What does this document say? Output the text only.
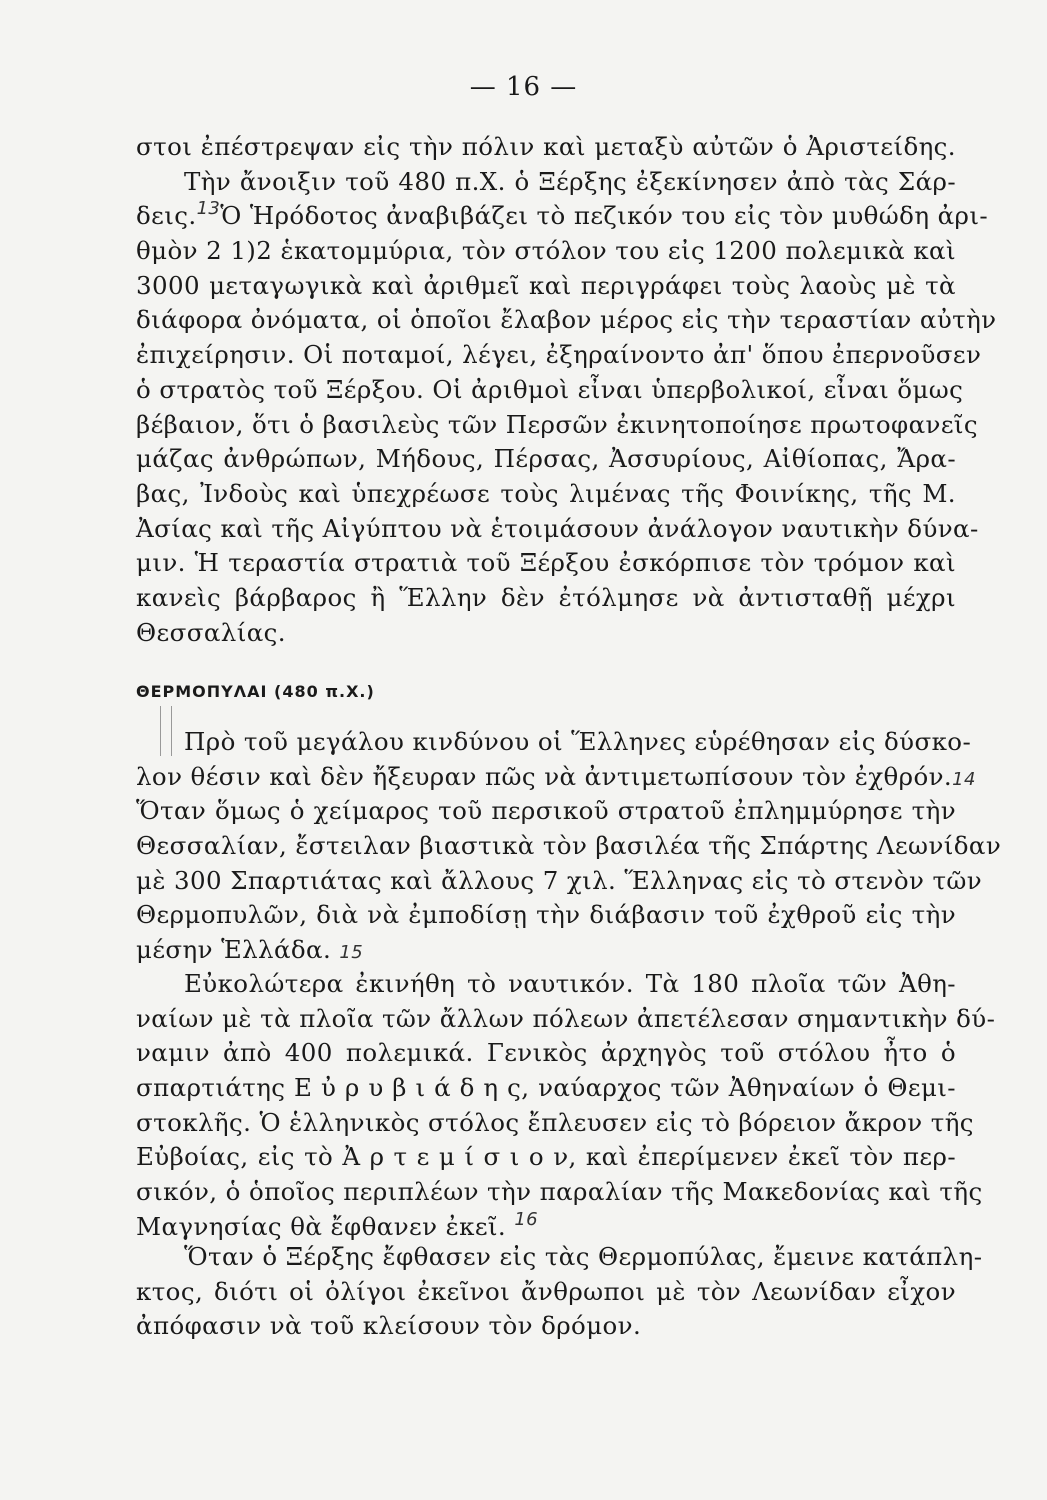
— 16 —
στοι ἐπέστρεψαν εἰς τὴν πόλιν καὶ μεταξὺ αὐτῶν ὁ Ἀριστείδης.
Τὴν ἄνοιξιν τοῦ 480 π.Χ. ὁ Ξέρξης ἐξεκίνησεν ἀπὸ τὰς Σάρ-
δεις.$^{13}$Ὁ Ἡρόδοτος ἀναβιβάζει τὸ πεζικόν του εἰς τὸν μυθώδη ἀρι-
θμὸν 2 1)2 ἑκατομμύρια, τὸν στόλον του εἰς 1200 πολεμικὰ καὶ
3000 μεταγωγικὰ καὶ ἀριθμεῖ καὶ περιγράφει τοὺς λαοὺς μὲ τὰ
διάφορα ὀνόματα, οἱ ὁποῖοι ἔλαβον μέρος εἰς τὴν τεραστίαν αὐτὴν
ἐπιχείρησιν. Οἱ ποταμοί, λέγει, ἐξηραίνοντο ἀπ' ὅπου ἐπερνοῦσεν
ὁ στρατὸς τοῦ Ξέρξου. Οἱ ἀριθμοὶ εἶναι ὑπερβολικοί, εἶναι ὅμως
βέβαιον, ὅτι ὁ βασιλεὺς τῶν Περσῶν ἐκινητοποίησε πρωτοφανεῖς
μάζας ἀνθρώπων, Μήδους, Πέρσας, Ἀσσυρίους, Αἰθίοπας, Ἄρα-
βας, Ἰνδοὺς καὶ ὑπεχρέωσε τοὺς λιμένας τῆς Φοινίκης, τῆς Μ.
Ἀσίας καὶ τῆς Αἰγύπτου νὰ ἑτοιμάσουν ἀνάλογον ναυτικὴν δύνα-
μιν. Ἡ τεραστία στρατιὰ τοῦ Ξέρξου ἐσκόρπισε τὸν τρόμον καὶ
κανεὶς βάρβαρος ἢ Ἕλλην δὲν ἐτόλμησε νὰ ἀντισταθῇ μέχρι
Θεσσαλίας.
ΘΕΡΜΟΠΥΛΑΙ (480 π.Χ.)
Πρὸ τοῦ μεγάλου κινδύνου οἱ Ἕλληνες εὑρέθησαν εἰς δύσκο-
λον θέσιν καὶ δὲν ἤξευραν πῶς νὰ ἀντιμετωπίσουν τὸν ἐχθρόν.14
Ὅταν ὅμως ὁ χείμαρος τοῦ περσικοῦ στρατοῦ ἐπλημμύρησε τὴν
Θεσσαλίαν, ἔστειλαν βιαστικὰ τὸν βασιλέα τῆς Σπάρτης Λεωνίδαν
μὲ 300 Σπαρτιάτας καὶ ἄλλους 7 χιλ. Ἕλληνας εἰς τὸ στενὸν τῶν
Θερμοπυλῶν, διὰ νὰ ἐμποδίσῃ τὴν διάβασιν τοῦ ἐχθροῦ εἰς τὴν
μέσην Ἑλλάδα. 15
Εὐκολώτερα ἐκινήθη τὸ ναυτικόν. Τὰ 180 πλοῖα τῶν Ἀθη-
ναίων μὲ τὰ πλοῖα τῶν ἄλλων πόλεων ἀπετέλεσαν σημαντικὴν δύ-
ναμιν ἀπὸ 400 πολεμικά. Γενικὸς ἀρχηγὸς τοῦ στόλου ἦτο ὁ
σπαρτιάτης Ε ὐ ρ υ β ι ά δ η ς, ναύαρχος τῶν Ἀθηναίων ὁ Θεμι-
στοκλῆς. Ὁ ἑλληνικὸς στόλος ἔπλευσεν εἰς τὸ βόρειον ἄκρον τῆς
Εὐβοίας, εἰς τὸ Ἀ ρ τ ε μ ί σ ι ο ν, καὶ ἐπερίμενεν ἐκεῖ τὸν περ-
σικόν, ὁ ὁποῖος περιπλέων τὴν παραλίαν τῆς Μακεδονίας καὶ τῆς
Μαγνησίας θὰ ἔφθανεν ἐκεῖ. $^{16}$
Ὅταν ὁ Ξέρξης ἔφθασεν εἰς τὰς Θερμοπύλας, ἔμεινε κατάπλη-
κτος, διότι οἱ ὀλίγοι ἐκεῖνοι ἄνθρωποι μὲ τὸν Λεωνίδαν εἶχον
ἀπόφασιν νὰ τοῦ κλείσουν τὸν δρόμον.
